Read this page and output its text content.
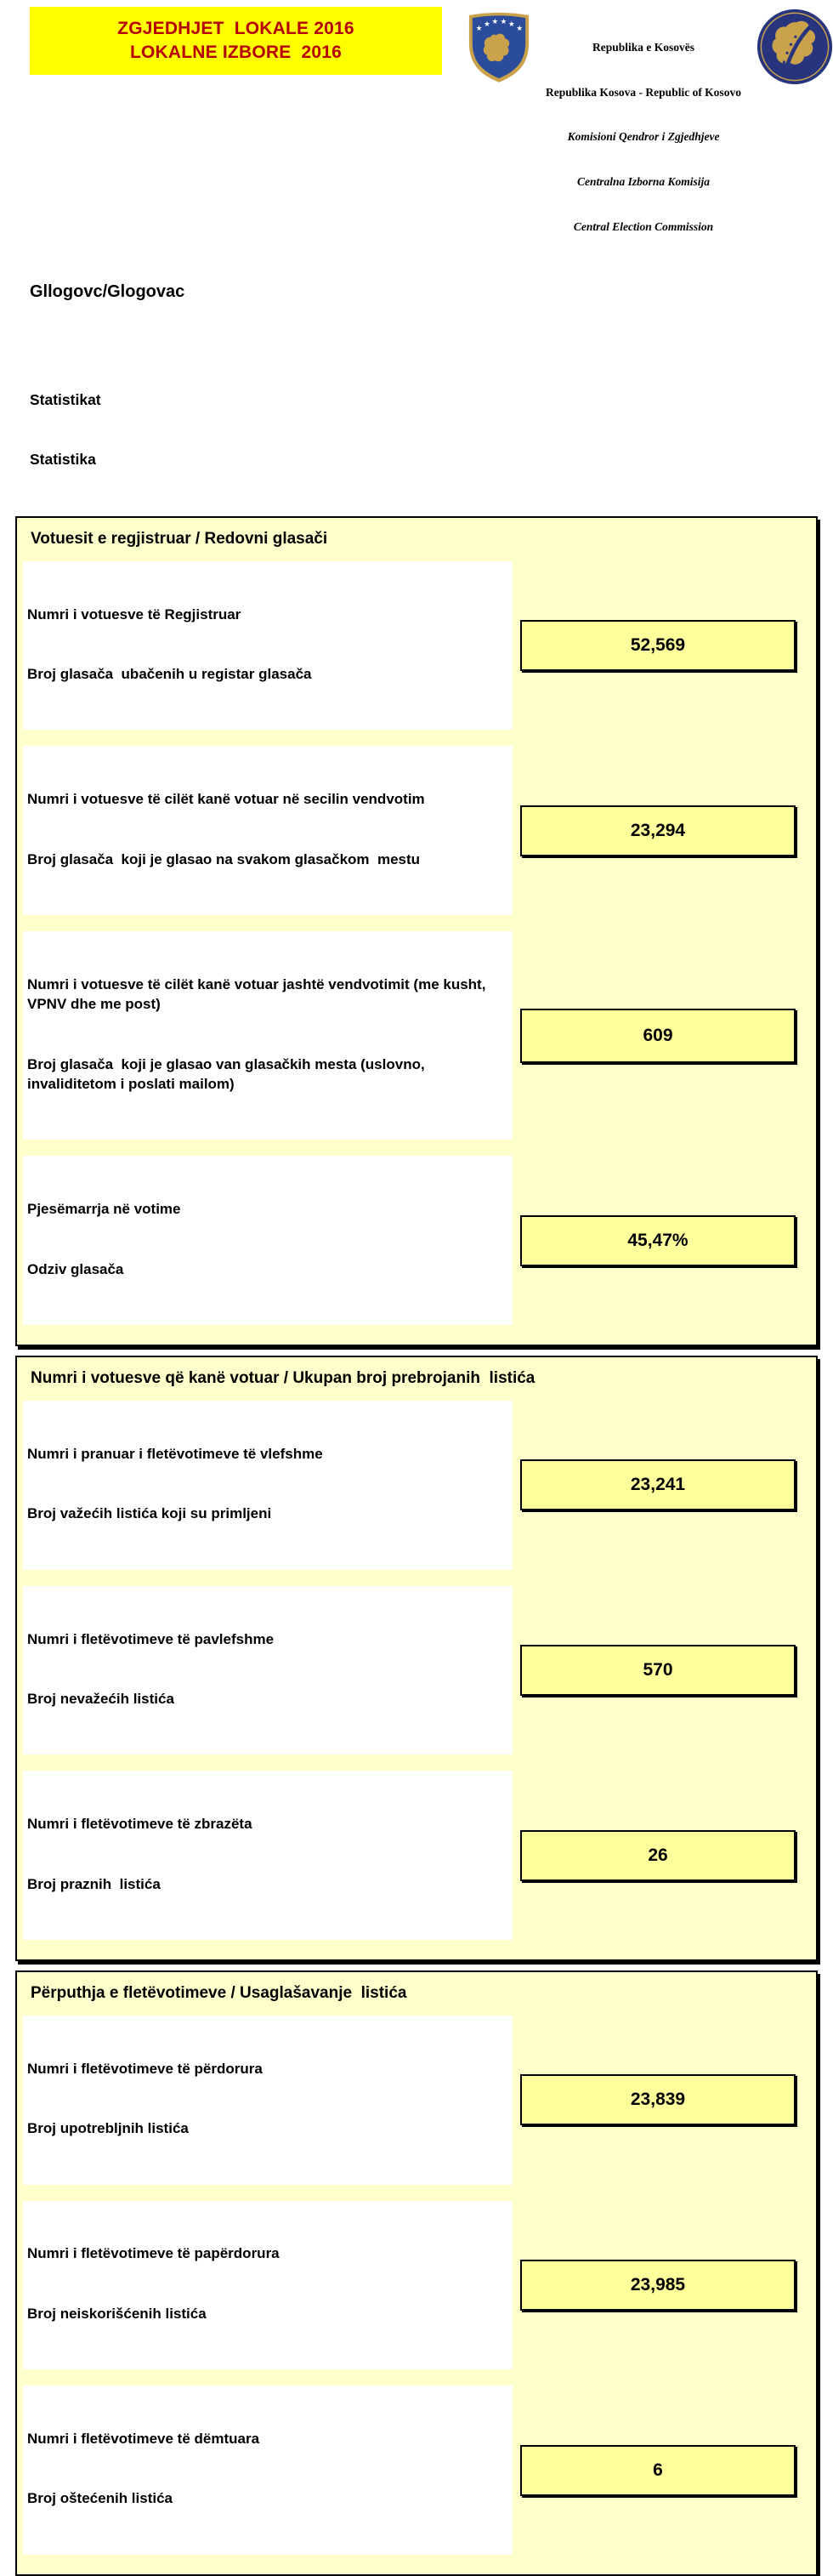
ZGJEDHJET  LOKALE 2016
LOKALNE IZBORE  2016
★ ★ ★ ★ ★ ★

Republika e Kosovës

Republika Kosova - Republic of Kosovo

Komisioni Qendror i Zgjedhjeve

Centralna Izborna Komisija

Central Election Commission

Gllogovc/Glogovac

Statistikat

Statistika

Votuesit e regjistruar / Redovni glasači

Numri i votuesve të Regjistruar

Broj glasača  ubačenih u registar glasača

52,569

Numri i votuesve të cilët kanë votuar në secilin vendvotim

Broj glasača  koji je glasao na svakom glasačkom  mestu

23,294

Numri i votuesve të cilët kanë votuar jashtë vendvotimit (me kusht, VPNV dhe me post)

Broj glasača  koji je glasao van glasačkih mesta (uslovno, invaliditetom i poslati mailom)

609

Pjesëmarrja në votime

Odziv glasača

45,47%
Numri i votuesve që kanë votuar / Ukupan broj prebrojanih  listića

Numri i pranuar i fletëvotimeve të vlefshme

Broj važećih listića koji su primljeni

23,241

Numri i fletëvotimeve të pavlefshme

Broj nevažećih listića

570

Numri i fletëvotimeve të zbrazëta

Broj praznih  listića

26
Përputhja e fletëvotimeve / Usaglašavanje  listića

Numri i fletëvotimeve të përdorura

Broj upotrebljnih listića

23,839

Numri i fletëvotimeve të papërdorura

Broj neiskorišćenih listića

23,985

Numri i fletëvotimeve të dëmtuara

Broj oštećenih listića

6
